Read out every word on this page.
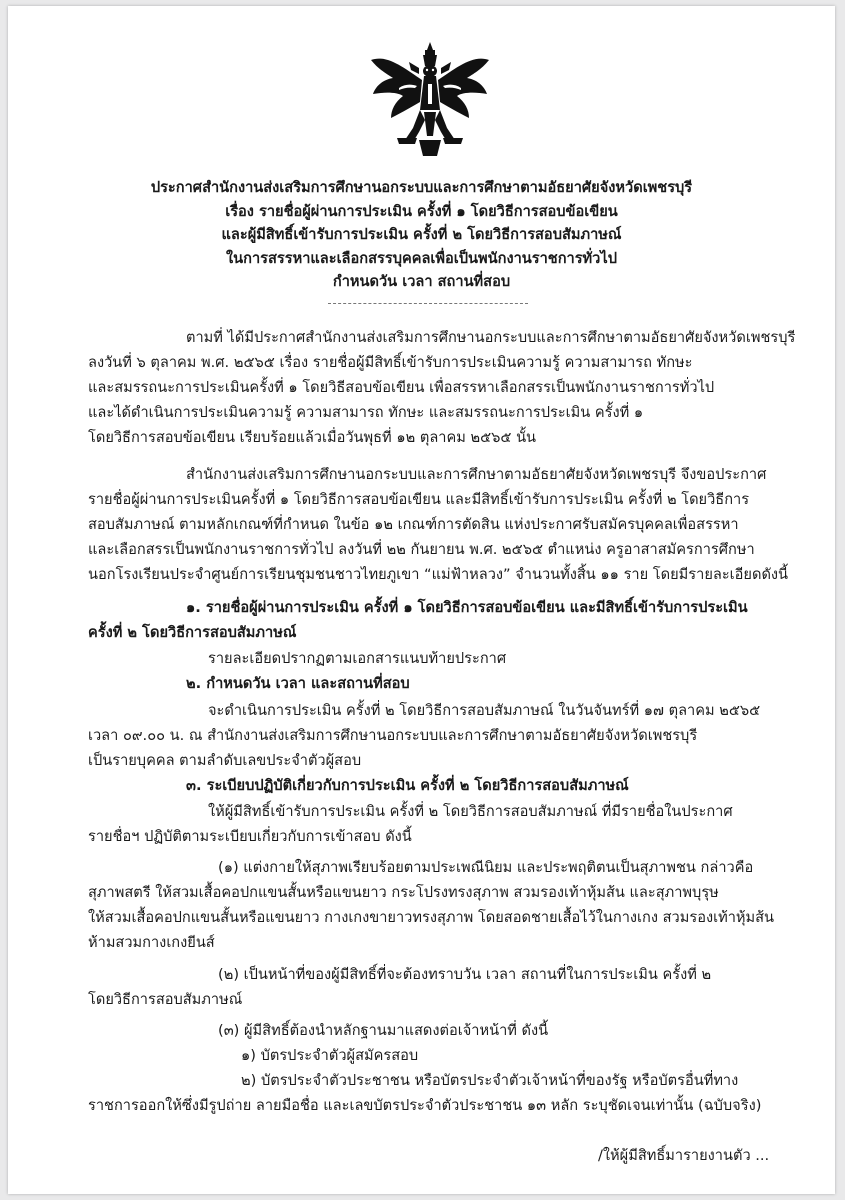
ประกาศสำนักงานส่งเสริมการศึกษานอกระบบและการศึกษาตามอัธยาศัยจังหวัดเพชรบุรี
เรื่อง รายชื่อผู้ผ่านการประเมิน ครั้งที่ ๑ โดยวิธีการสอบข้อเขียน
และผู้มีสิทธิ์เข้ารับการประเมิน ครั้งที่ ๒ โดยวิธีการสอบสัมภาษณ์
ในการสรรหาและเลือกสรรบุคคลเพื่อเป็นพนักงานราชการทั่วไป
กำหนดวัน เวลา สถานที่สอบ
ตามที่ ได้มีประกาศสำนักงานส่งเสริมการศึกษานอกระบบและการศึกษาตามอัธยาศัยจังหวัดเพชรบุรี
ลงวันที่ ๖ ตุลาคม พ.ศ. ๒๕๖๕ เรื่อง รายชื่อผู้มีสิทธิ์เข้ารับการประเมินความรู้ ความสามารถ ทักษะ
และสมรรถนะการประเมินครั้งที่ ๑ โดยวิธีสอบข้อเขียน เพื่อสรรหาเลือกสรรเป็นพนักงานราชการทั่วไป
และได้ดำเนินการประเมินความรู้ ความสามารถ ทักษะ และสมรรถนะการประเมิน ครั้งที่ ๑
โดยวิธีการสอบข้อเขียน เรียบร้อยแล้วเมื่อวันพุธที่ ๑๒ ตุลาคม ๒๕๖๕ นั้น
สำนักงานส่งเสริมการศึกษานอกระบบและการศึกษาตามอัธยาศัยจังหวัดเพชรบุรี จึงขอประกาศ
รายชื่อผู้ผ่านการประเมินครั้งที่ ๑ โดยวิธีการสอบข้อเขียน และมีสิทธิ์เข้ารับการประเมิน ครั้งที่ ๒ โดยวิธีการ
สอบสัมภาษณ์ ตามหลักเกณฑ์ที่กำหนด ในข้อ ๑๒ เกณฑ์การตัดสิน แห่งประกาศรับสมัครบุคคลเพื่อสรรหา
และเลือกสรรเป็นพนักงานราชการทั่วไป ลงวันที่ ๒๒ กันยายน พ.ศ. ๒๕๖๕ ตำแหน่ง ครูอาสาสมัครการศึกษา
นอกโรงเรียนประจำศูนย์การเรียนชุมชนชาวไทยภูเขา “แม่ฟ้าหลวง” จำนวนทั้งสิ้น ๑๑ ราย โดยมีรายละเอียดดังนี้
๑. รายชื่อผู้ผ่านการประเมิน ครั้งที่ ๑ โดยวิธีการสอบข้อเขียน และมีสิทธิ์เข้ารับการประเมิน
ครั้งที่ ๒ โดยวิธีการสอบสัมภาษณ์
รายละเอียดปรากฏตามเอกสารแนบท้ายประกาศ
๒. กำหนดวัน เวลา และสถานที่สอบ
จะดำเนินการประเมิน ครั้งที่ ๒ โดยวิธีการสอบสัมภาษณ์ ในวันจันทร์ที่ ๑๗ ตุลาคม ๒๕๖๕
เวลา ๐๙.๐๐ น. ณ สำนักงานส่งเสริมการศึกษานอกระบบและการศึกษาตามอัธยาศัยจังหวัดเพชรบุรี
เป็นรายบุคคล ตามลำดับเลขประจำตัวผู้สอบ
๓. ระเบียบปฏิบัติเกี่ยวกับการประเมิน ครั้งที่ ๒ โดยวิธีการสอบสัมภาษณ์
ให้ผู้มีสิทธิ์เข้ารับการประเมิน ครั้งที่ ๒ โดยวิธีการสอบสัมภาษณ์ ที่มีรายชื่อในประกาศ
รายชื่อฯ ปฏิบัติตามระเบียบเกี่ยวกับการเข้าสอบ ดังนี้
(๑) แต่งกายให้สุภาพเรียบร้อยตามประเพณีนิยม และประพฤติตนเป็นสุภาพชน กล่าวคือ
สุภาพสตรี ให้สวมเสื้อคอปกแขนสั้นหรือแขนยาว กระโปรงทรงสุภาพ สวมรองเท้าหุ้มส้น และสุภาพบุรุษ
ให้สวมเสื้อคอปกแขนสั้นหรือแขนยาว กางเกงขายาวทรงสุภาพ โดยสอดชายเสื้อไว้ในกางเกง สวมรองเท้าหุ้มส้น
ห้ามสวมกางเกงยีนส์
(๒) เป็นหน้าที่ของผู้มีสิทธิ์ที่จะต้องทราบวัน เวลา สถานที่ในการประเมิน ครั้งที่ ๒
โดยวิธีการสอบสัมภาษณ์
(๓) ผู้มีสิทธิ์ต้องนำหลักฐานมาแสดงต่อเจ้าหน้าที่ ดังนี้
๑) บัตรประจำตัวผู้สมัครสอบ
๒) บัตรประจำตัวประชาชน หรือบัตรประจำตัวเจ้าหน้าที่ของรัฐ หรือบัตรอื่นที่ทาง
ราชการออกให้ซึ่งมีรูปถ่าย ลายมือชื่อ และเลขบัตรประจำตัวประชาชน ๑๓ หลัก ระบุชัดเจนเท่านั้น (ฉบับจริง)
/ให้ผู้มีสิทธิ์มารายงานตัว ...
